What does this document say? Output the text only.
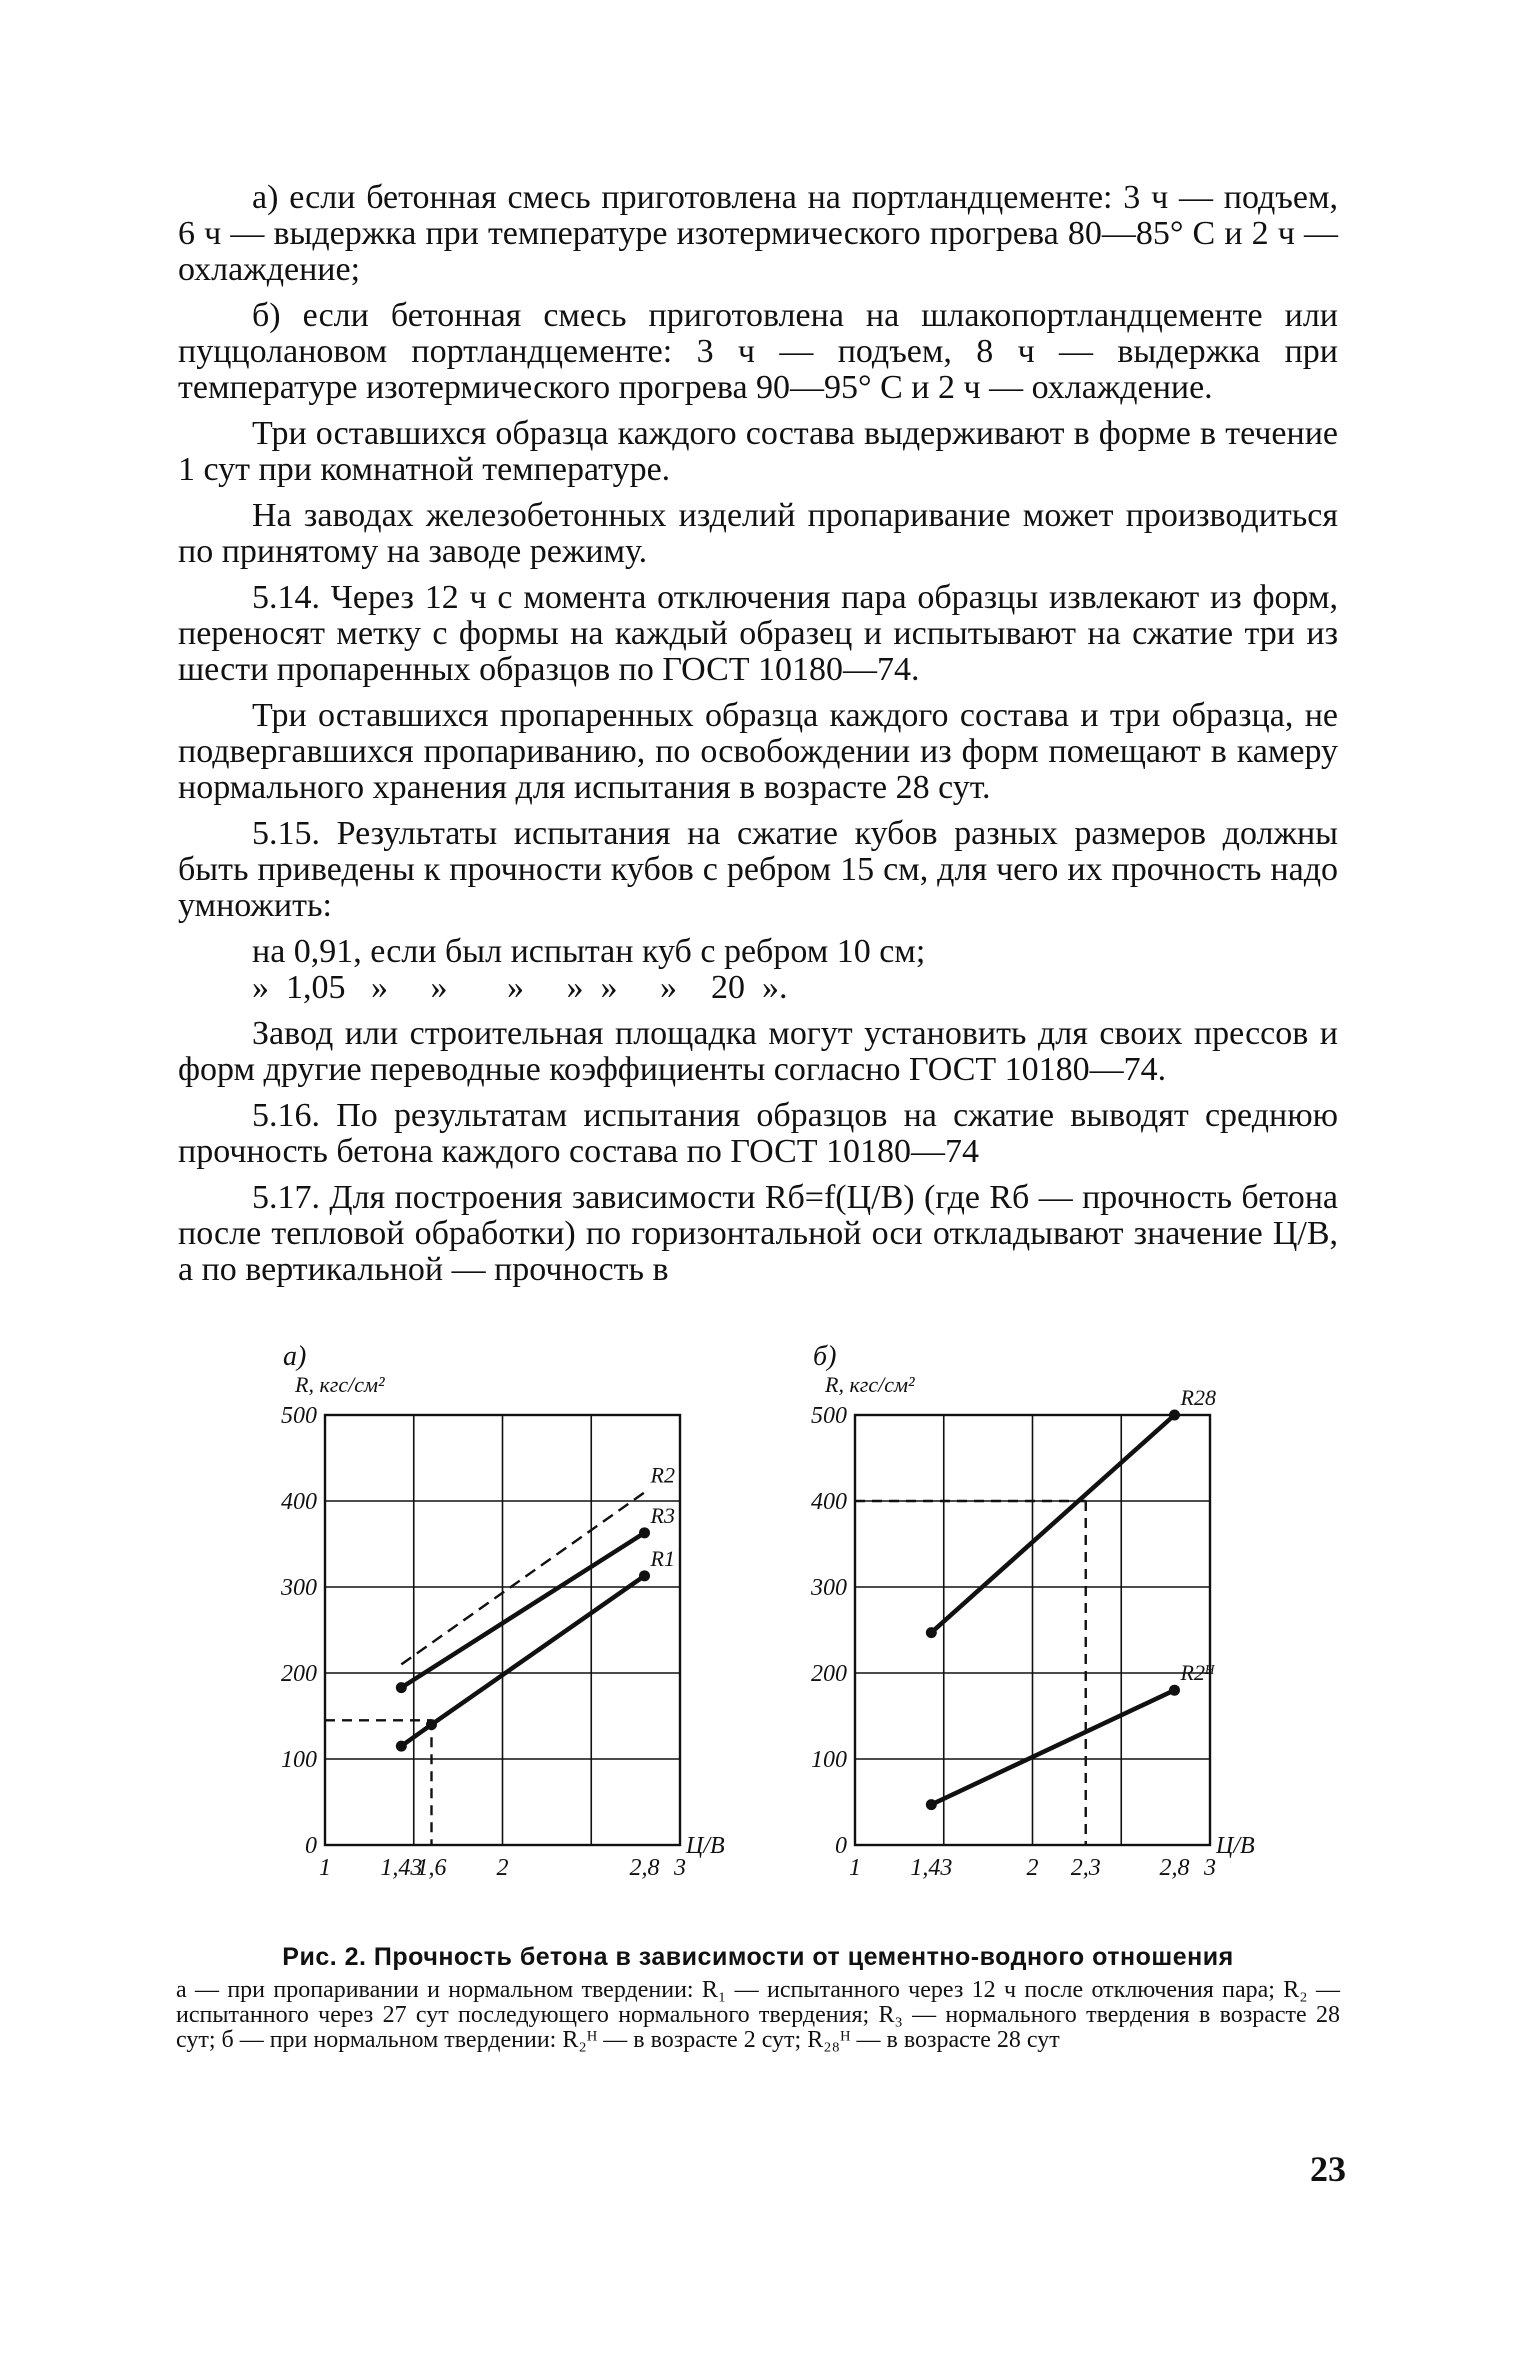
а) если бетонная смесь приготовлена на портландцементе: 3 ч — подъем, 6 ч — выдержка при температуре изотермического прогрева 80—85° С и 2 ч — охлаждение;

б) если бетонная смесь приготовлена на шлакопортландцементе или пуццолановом портландцементе: 3 ч — подъем, 8 ч — выдержка при температуре изотермического прогрева 90—95° С и 2 ч — охлаждение.

Три оставшихся образца каждого состава выдерживают в форме в течение 1 сут при комнатной температуре.

На заводах железобетонных изделий пропаривание может производиться по принятому на заводе режиму.

5.14. Через 12 ч с момента отключения пара образцы извлекают из форм, переносят метку с формы на каждый образец и испытывают на сжатие три из шести пропаренных образцов по ГОСТ 10180—74.

Три оставшихся пропаренных образца каждого состава и три образца, не подвергавшихся пропариванию, по освобождении из форм помещают в камеру нормального хранения для испытания в возрасте 28 сут.

5.15. Результаты испытания на сжатие кубов разных размеров должны быть приведены к прочности кубов с ребром 15 см, для чего их прочность надо умножить:

на 0,91, если был испытан куб с ребром 10 см;
»  1,05   »     »       »     »  »     »    20  ».

Завод или строительная площадка могут установить для своих прессов и форм другие переводные коэффициенты согласно ГОСТ 10180—74.

5.16. По результатам испытания образцов на сжатие выводят среднюю прочность бетона каждого состава по ГОСТ 10180—74

5.17. Для построения зависимости Rб=f(Ц/В) (где Rб — прочность бетона после тепловой обработки) по горизонтальной оси откладывают значение Ц/В, а по вертикальной — прочность в

R2
R3
R1
0
100
200
300
400
500
1 1,43
1,6 2	2,8 3
а)
R, кгс/см²
Ц/В
R28
R2ᴴ
0
100
200
300
400
500
1 1,43	2 2,3 2,8 3
б)
R, кгс/см²
Ц/В
Рис. 2. Прочность бетона в зависимости от цементно-водного отношения
а — при пропаривании и нормальном твердении: R₁ — испытанного через 12 ч после отключения пара; R₂ — испытанного через 27 сут последующего нормального твердения; R₃ — нормального твердения в возрасте 28 сут; б — при нормальном твердении: R₂ᴴ — в возрасте 2 сут; R₂₈ᴴ — в возрасте 28 сут
23
